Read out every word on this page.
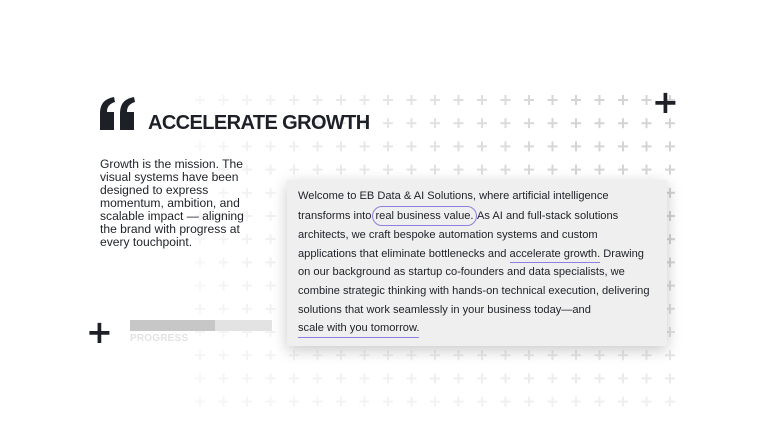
ACCELERATE GROWTH

Growth is the mission. The visual systems have been designed to express momentum, ambition, and scalable impact — aligning the brand with progress at every touchpoint.

+
+ PROGRESS

Welcome to EB Data & AI Solutions, where artificial intelligence transforms into real business value. As AI and full-stack solutions architects, we craft bespoke automation systems and custom applications that eliminate bottlenecks and accelerate growth. Drawing on our background as startup co-founders and data specialists, we combine strategic thinking with hands-on technical execution, delivering solutions that work seamlessly in your business today—and scale with you tomorrow.
